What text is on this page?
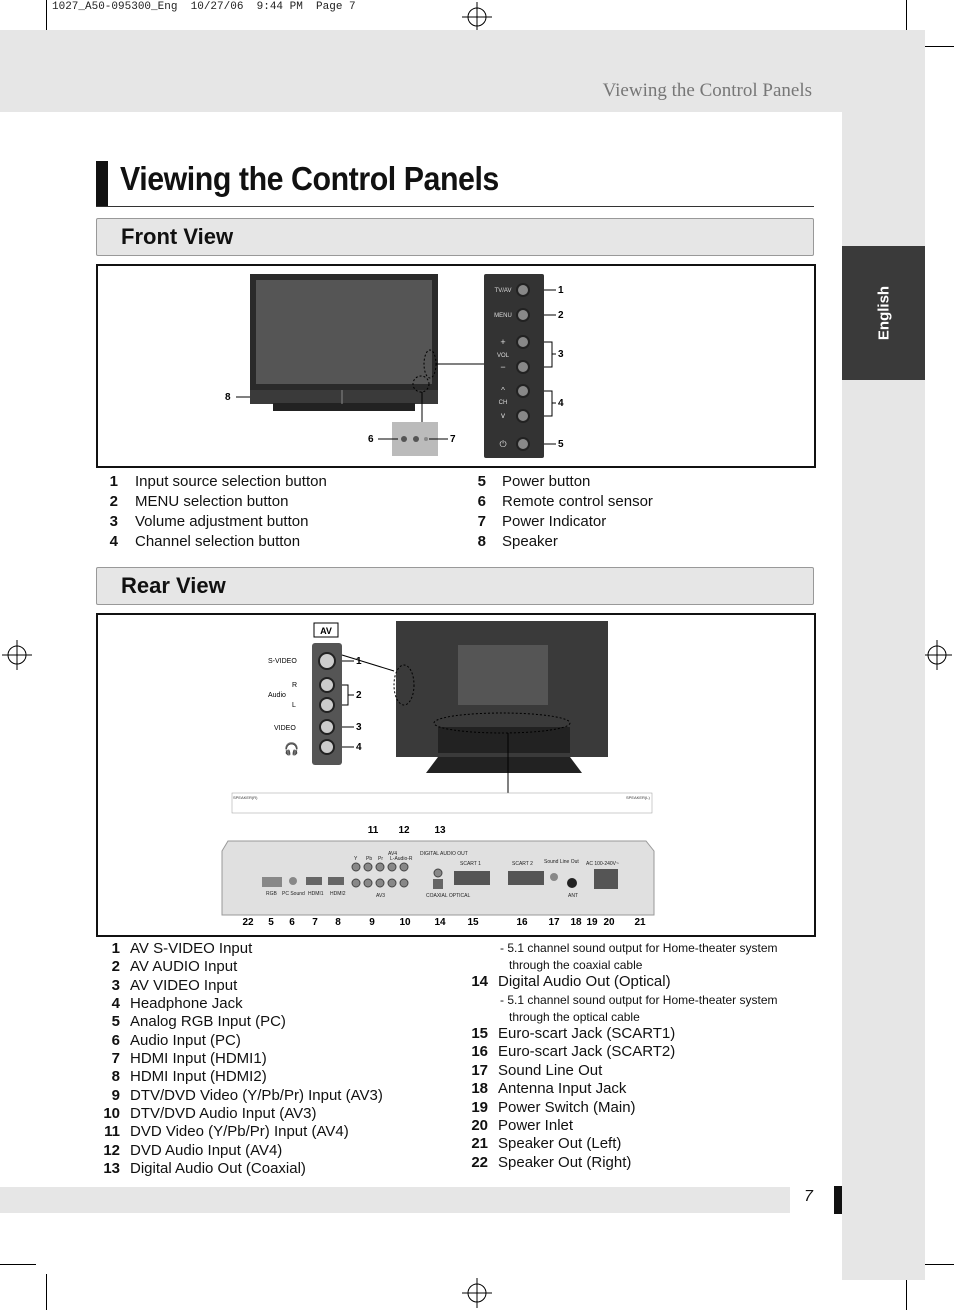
1027_A50-095300_Eng  10/27/06  9:44 PM  Page 7
English
Viewing the Control Panels
Viewing the Control Panels
Front View
TV/AV
MENU
+
VOL
−
^
CH
v
⏻
1
2
3
4
5
6	7
8
1 Input source selection button
2 MENU selection button
3 Volume adjustment button
4 Channel selection button
5 Power button
6 Remote control sensor
7 Power Indicator
8 Speaker
Rear View
AV
S-VIDEO
R
Audio
L
VIDEO
🎧
1
2
3
4
SPEAKER(R)	SPEAKER(L)
Y Pb Pr
AV4
L-Audio-R
AV3
DIGITAL AUDIO OUT
COAXIAL OPTICAL
SCART 1	SCART 2 Sound Line Out AC 100-240V~
RGB PC Sound HDMI1 HDMI2	ANT
11 12 13
22 5 6 7 8	9 10 14 15	16 17 18 19 20 21
1 AV S-VIDEO Input
2 AV AUDIO Input
3 AV VIDEO Input
4 Headphone Jack
5 Analog RGB Input (PC)
6 Audio Input (PC)
7 HDMI Input (HDMI1)
8 HDMI Input (HDMI2)
9 DTV/DVD Video (Y/Pb/Pr) Input (AV3)
10 DTV/DVD Audio Input (AV3)
11 DVD Video (Y/Pb/Pr) Input (AV4)
12 DVD Audio Input (AV4)
13 Digital Audio Out (Coaxial)
- 5.1 channel sound output for Home-theater system
through the coaxial cable
14 Digital Audio Out (Optical)
- 5.1 channel sound output for Home-theater system
through the optical cable
15 Euro-scart Jack (SCART1)
16 Euro-scart Jack (SCART2)
17 Sound Line Out
18 Antenna Input Jack
19 Power Switch (Main)
20 Power Inlet
21 Speaker Out (Left)
22 Speaker Out (Right)
7
